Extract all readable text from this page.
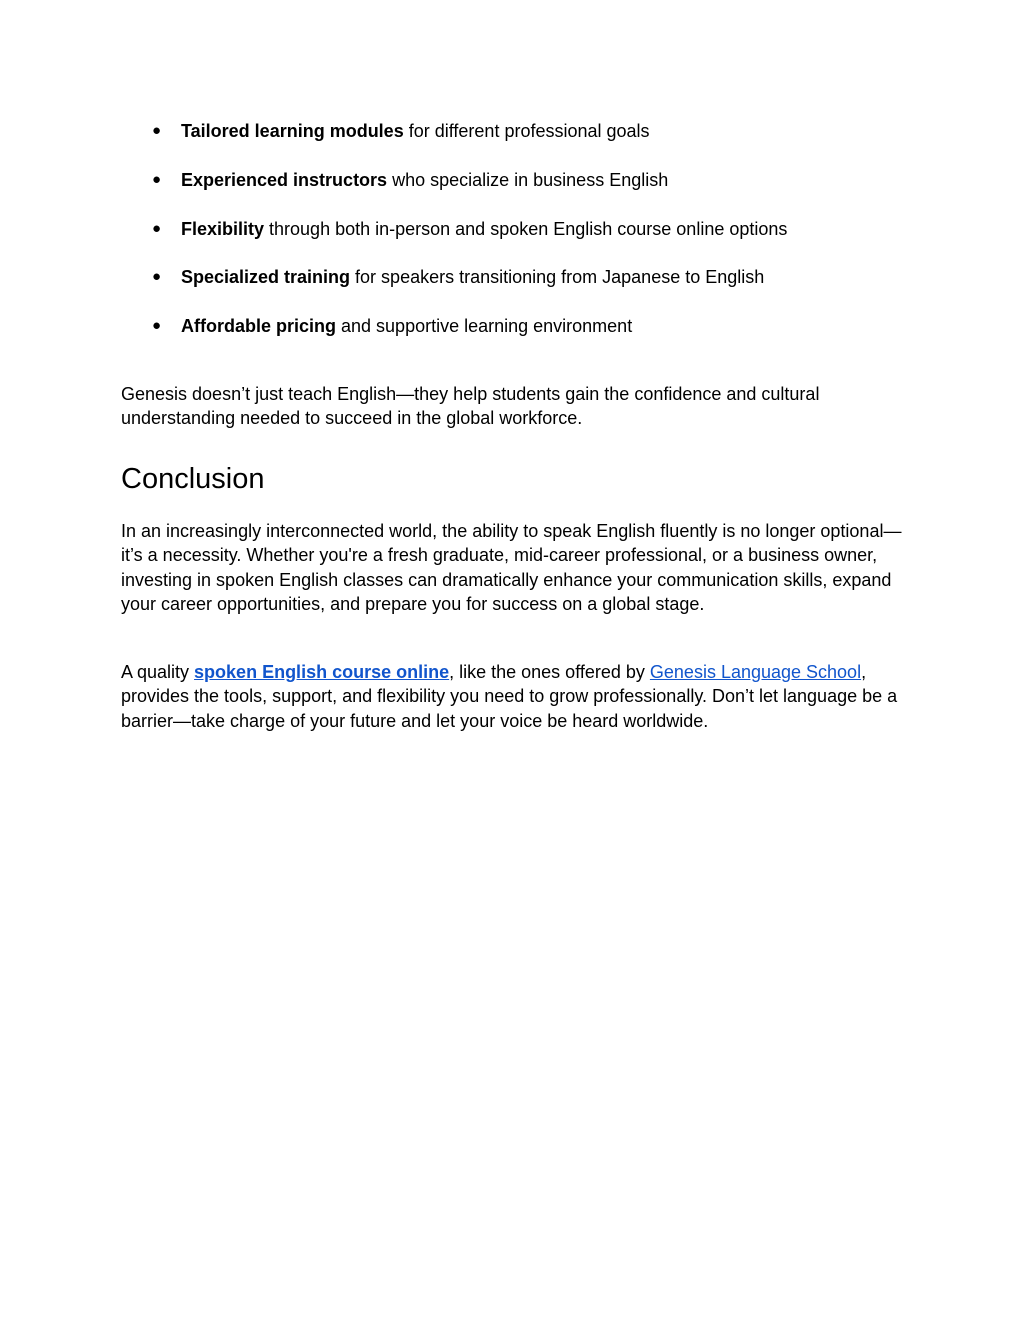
● Tailored learning modules for different professional goals
● Experienced instructors who specialize in business English
● Flexibility through both in-person and spoken English course online options
● Specialized training for speakers transitioning from Japanese to English
● Affordable pricing and supportive learning environment

Genesis doesn’t just teach English—they help students gain the confidence and cultural understanding needed to succeed in the global workforce.

Conclusion

In an increasingly interconnected world, the ability to speak English fluently is no longer optional—it’s a necessity. Whether you're a fresh graduate, mid-career professional, or a business owner, investing in spoken English classes can dramatically enhance your communication skills, expand your career opportunities, and prepare you for success on a global stage.

A quality spoken English course online, like the ones offered by Genesis Language School, provides the tools, support, and flexibility you need to grow professionally. Don’t let language be a barrier—take charge of your future and let your voice be heard worldwide.
